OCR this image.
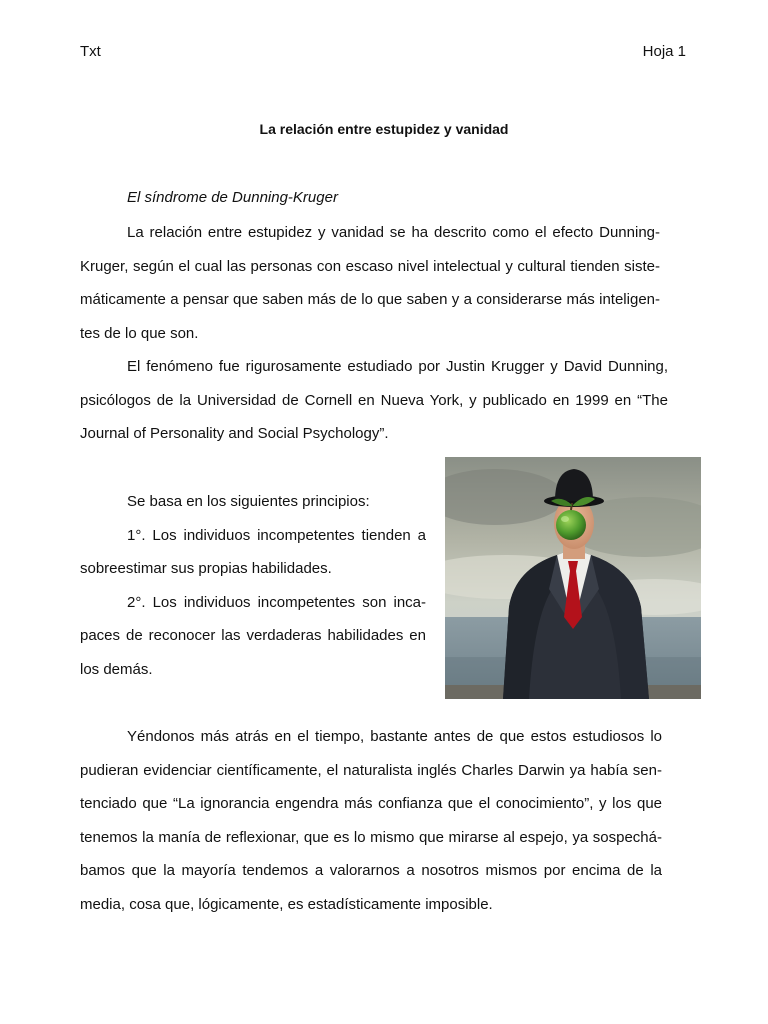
Txt	Hoja 1
La relación entre estupidez y vanidad
El síndrome de Dunning-Kruger
La relación entre estupidez y vanidad se ha descrito como el efecto Dunning-
Kruger, según el cual las personas con escaso nivel intelectual y cultural tienden siste-
máticamente a pensar que saben más de lo que saben y a considerarse más inteligen-
tes de lo que son.
El fenómeno fue rigurosamente estudiado por Justin Krugger y David Dunning,
psicólogos de la Universidad de Cornell en Nueva York, y publicado en 1999 en “The
Journal of Personality and Social Psychology”.
Se basa en los siguientes principios:
1°. Los individuos incompetentes tienden a
sobreestimar sus propias habilidades.
2°. Los individuos incompetentes son inca-
paces de reconocer las verdaderas habilidades en
los demás.
Yéndonos más atrás en el tiempo, bastante antes de que estos estudiosos lo
pudieran evidenciar científicamente, el naturalista inglés Charles Darwin ya había sen-
tenciado que “La ignorancia engendra más confianza que el conocimiento”, y los que
tenemos la manía de reflexionar, que es lo mismo que mirarse al espejo, ya sospechá-
bamos que la mayoría tendemos a valorarnos a nosotros mismos por encima de la
media, cosa que, lógicamente, es estadísticamente imposible.
